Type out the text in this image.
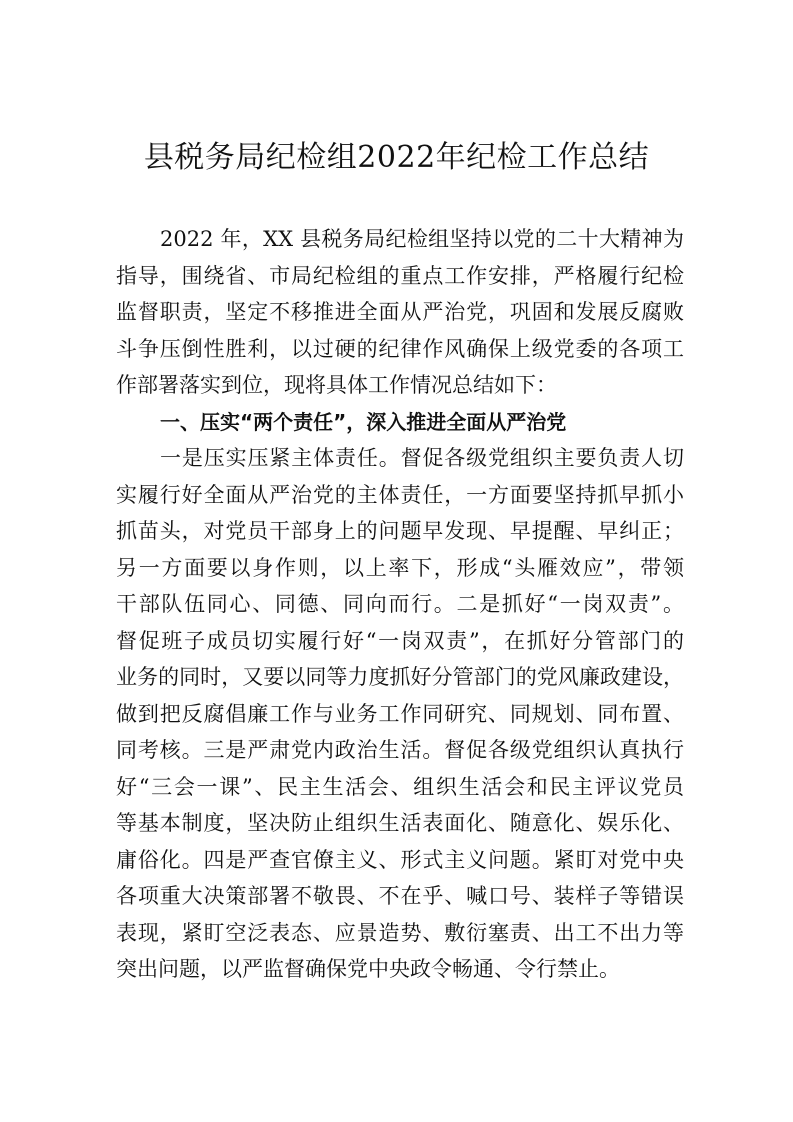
县税务局纪检组2022年纪检工作总结
2022 年，XX 县税务局纪检组坚持以党的二十大精神为
指导，围绕省、市局纪检组的重点工作安排，严格履行纪检
监督职责，坚定不移推进全面从严治党，巩固和发展反腐败
斗争压倒性胜利，以过硬的纪律作风确保上级党委的各项工
作部署落实到位，现将具体工作情况总结如下：
一、压实“两个责任”，深入推进全面从严治党
一是压实压紧主体责任。督促各级党组织主要负责人切
实履行好全面从严治党的主体责任，一方面要坚持抓早抓小
抓苗头，对党员干部身上的问题早发现、早提醒、早纠正；
另一方面要以身作则，以上率下，形成“头雁效应”，带领
干部队伍同心、同德、同向而行。二是抓好“一岗双责”。
督促班子成员切实履行好“一岗双责”，在抓好分管部门的
业务的同时，又要以同等力度抓好分管部门的党风廉政建设，
做到把反腐倡廉工作与业务工作同研究、同规划、同布置、
同考核。三是严肃党内政治生活。督促各级党组织认真执行
好“三会一课”、民主生活会、组织生活会和民主评议党员
等基本制度，坚决防止组织生活表面化、随意化、娱乐化、
庸俗化。四是严查官僚主义、形式主义问题。紧盯对党中央
各项重大决策部署不敬畏、不在乎、喊口号、装样子等错误
表现，紧盯空泛表态、应景造势、敷衍塞责、出工不出力等
突出问题，以严监督确保党中央政令畅通、令行禁止。
